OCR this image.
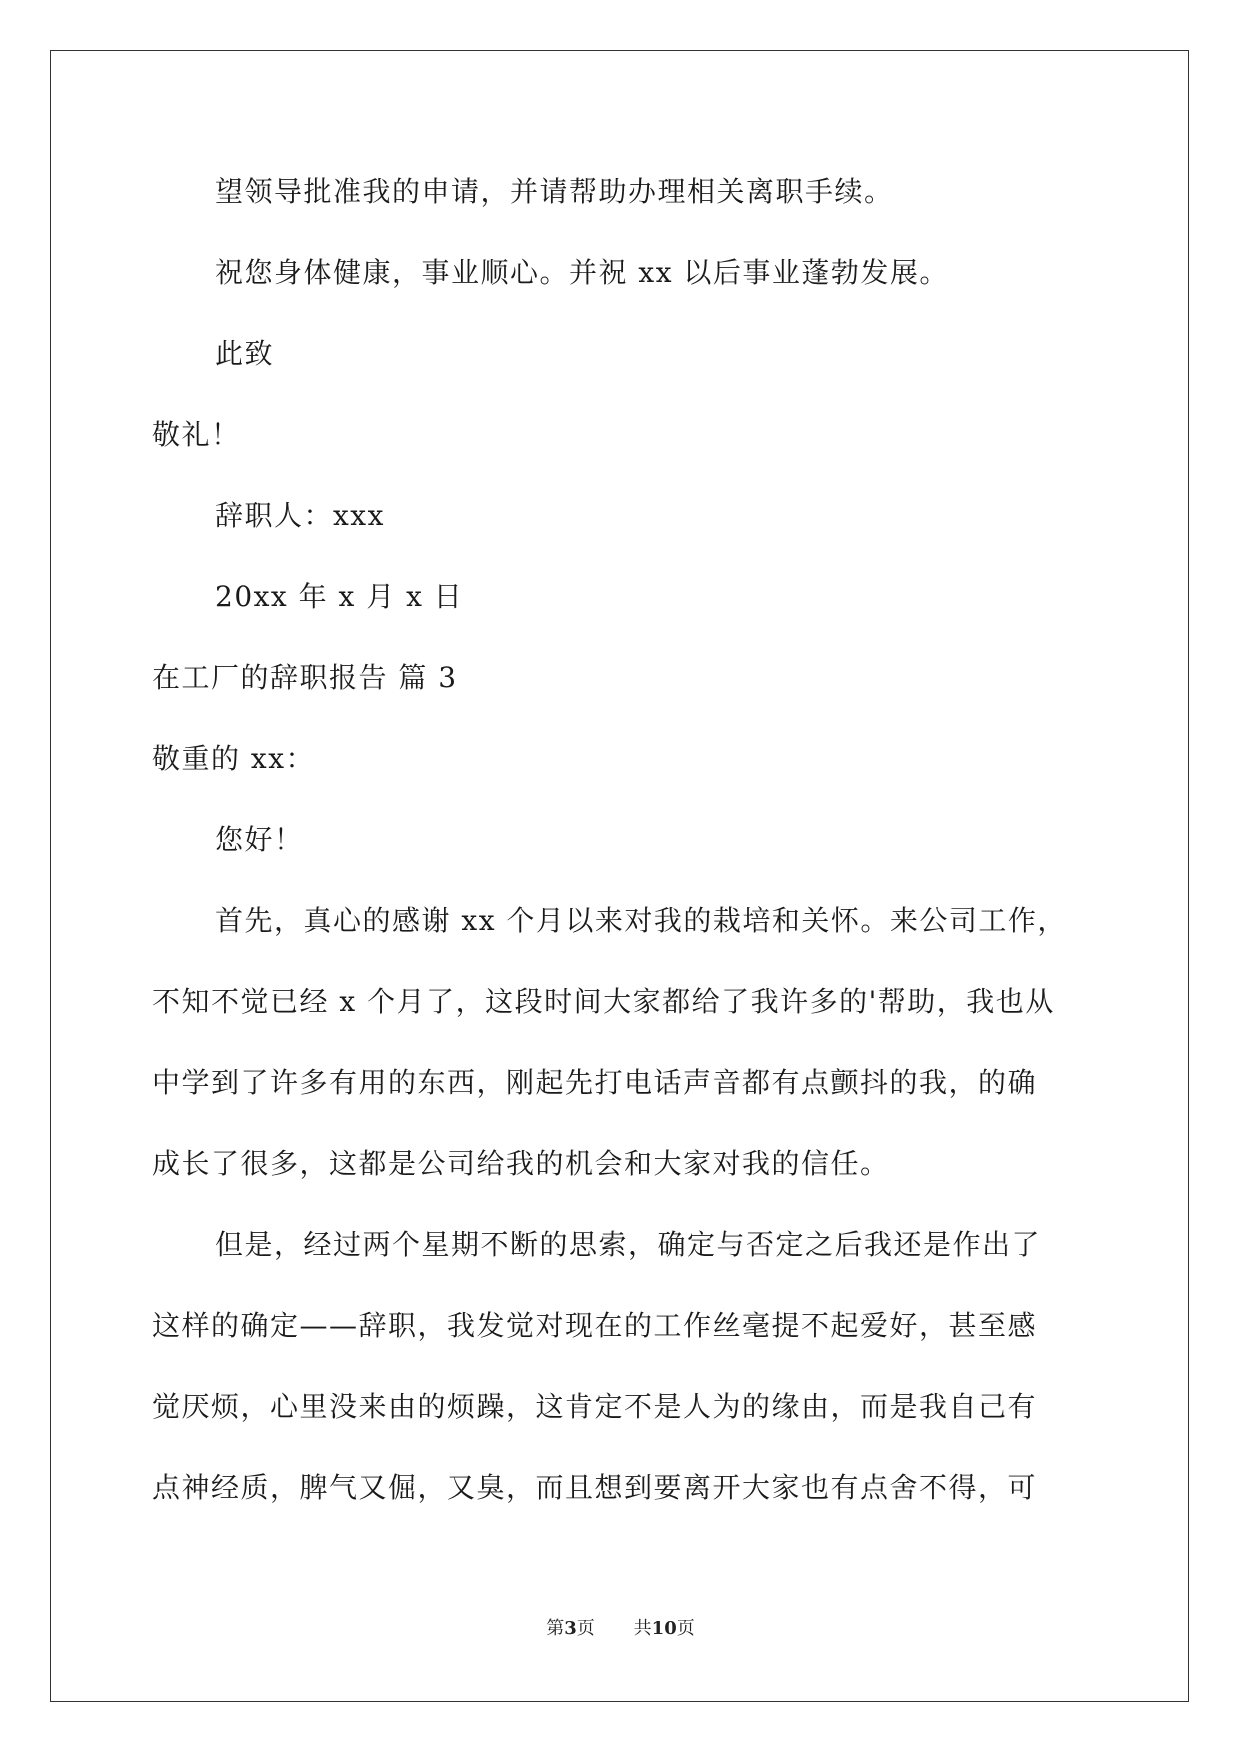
望领导批准我的申请，并请帮助办理相关离职手续。
祝您身体健康，事业顺心。并祝 xx 以后事业蓬勃发展。
此致
敬礼！
辞职人：xxx
20xx 年 x 月 x 日
在工厂的辞职报告 篇 3
敬重的 xx：
您好！
首先，真心的感谢 xx 个月以来对我的栽培和关怀。来公司工作，
不知不觉已经 x 个月了，这段时间大家都给了我许多的'帮助，我也从
中学到了许多有用的东西，刚起先打电话声音都有点颤抖的我，的确
成长了很多，这都是公司给我的机会和大家对我的信任。
但是，经过两个星期不断的思索，确定与否定之后我还是作出了
这样的确定——辞职，我发觉对现在的工作丝毫提不起爱好，甚至感
觉厌烦，心里没来由的烦躁，这肯定不是人为的缘由，而是我自己有
点神经质，脾气又倔，又臭，而且想到要离开大家也有点舍不得，可
第3页 共10页
